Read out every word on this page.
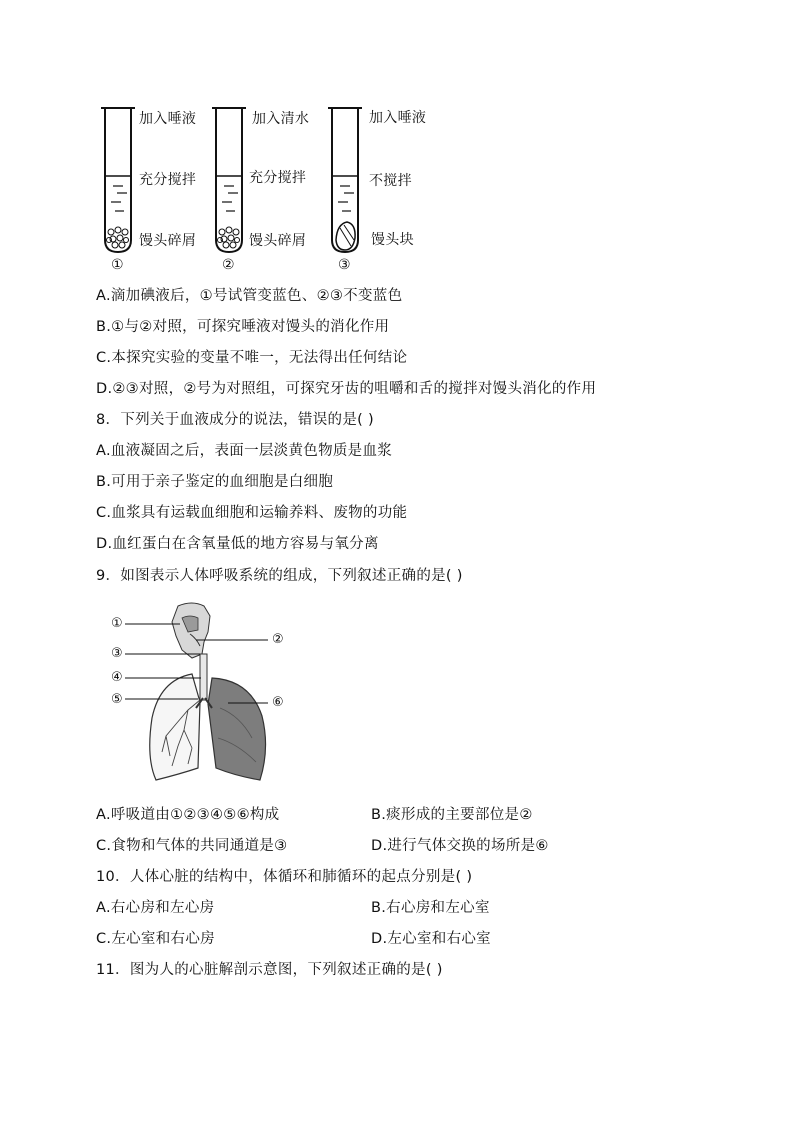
加入唾液
充分搅拌
馒头碎屑
①
加入清水
充分搅拌
馒头碎屑
②
加入唾液
不搅拌
馒头块
③
A.滴加碘液后，①号试管变蓝色、②③不变蓝色
B.①与②对照，可探究唾液对馒头的消化作用
C.本探究实验的变量不唯一，无法得出任何结论
D.②③对照，②号为对照组，可探究牙齿的咀嚼和舌的搅拌对馒头消化的作用
8．下列关于血液成分的说法，错误的是( )
A.血液凝固之后，表面一层淡黄色物质是血浆
B.可用于亲子鉴定的血细胞是白细胞
C.血浆具有运载血细胞和运输养料、废物的功能
D.血红蛋白在含氧量低的地方容易与氧分离
9．如图表示人体呼吸系统的组成，下列叙述正确的是( )
①
②
③
④
⑤	⑥
A.呼吸道由①②③④⑤⑥构成	B.痰形成的主要部位是②
C.食物和气体的共同通道是③	D.进行气体交换的场所是⑥
10．人体心脏的结构中，体循环和肺循环的起点分别是( )
A.右心房和左心房	B.右心房和左心室
C.左心室和右心房	D.左心室和右心室
11．图为人的心脏解剖示意图，下列叙述正确的是( )
